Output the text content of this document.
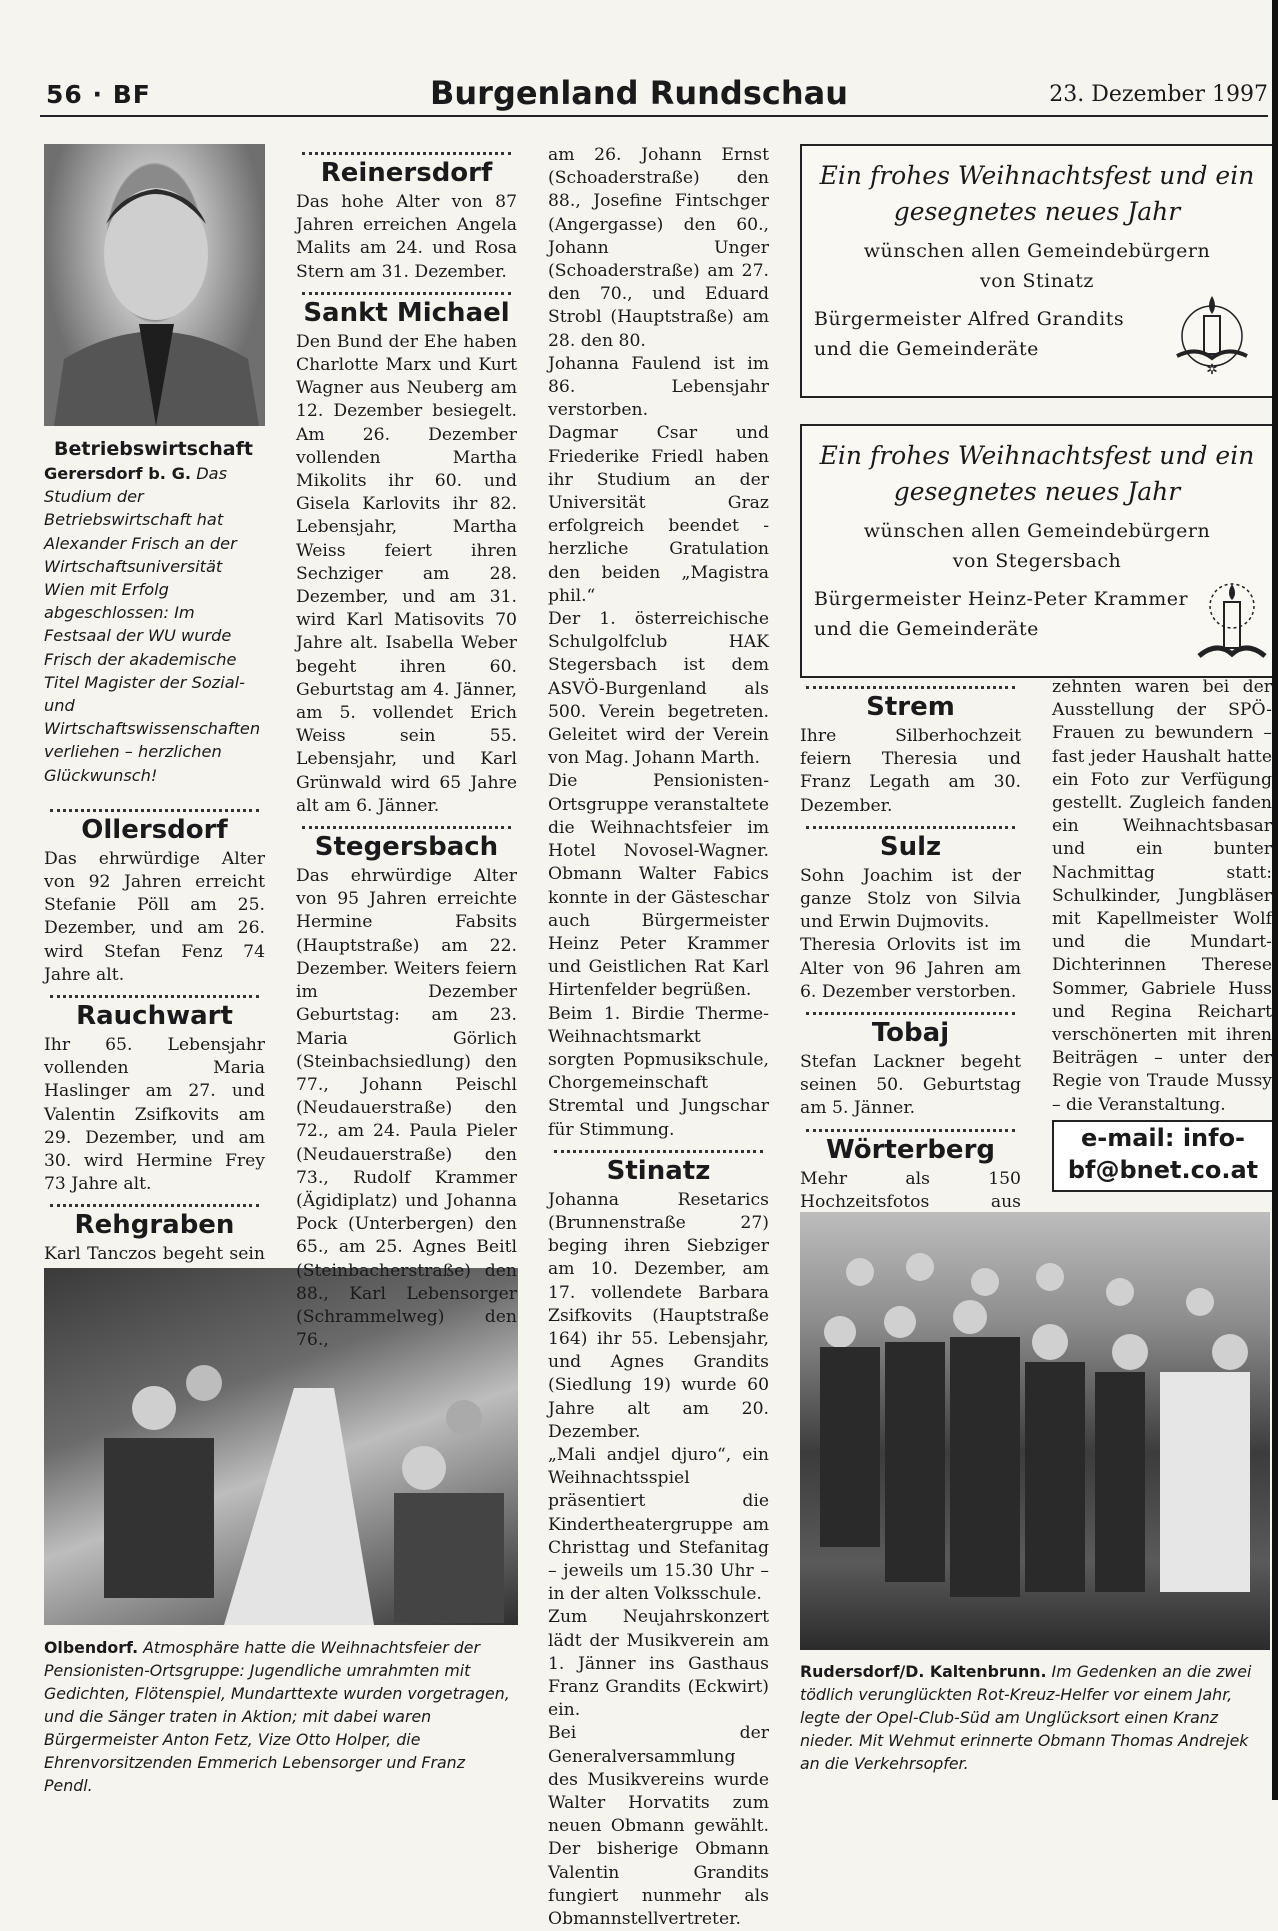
56 · BF	Burgenland Rundschau	23. Dezember 1997
Betriebswirtschaft

Gerersdorf b. G. Das Studium der Betriebswirtschaft hat Alexander Frisch an der Wirtschaftsuniversität Wien mit Erfolg abgeschlossen: Im Festsaal der WU wurde Frisch der akademische Titel Magister der Sozial- und Wirtschaftswissenschaften verliehen – herzlichen Glückwunsch!

Ollersdorf

Das ehrwürdige Alter von 92 Jahren erreicht Stefanie Pöll am 25. Dezember, und am 26. wird Stefan Fenz 74 Jahre alt.

Rauchwart

Ihr 65. Lebensjahr vollenden Maria Haslinger am 27. und Valentin Zsifkovits am 29. Dezember, und am 30. wird Hermine Frey 73 Jahre alt.

Rehgraben

Karl Tanczos begeht sein

Olbendorf. Atmosphäre hatte die Weihnachtsfeier der Pensionisten-Ortsgruppe: Jugendliche umrahmten mit Gedichten, Flötenspiel, Mundarttexte wurden vorgetragen, und die Sänger traten in Aktion; mit dabei waren Bürgermeister Anton Fetz, Vize Otto Holper, die Ehrenvorsitzenden Emmerich Lebensorger und Franz Pendl.
Reinersdorf

Das hohe Alter von 87 Jahren erreichen Angela Malits am 24. und Rosa Stern am 31. Dezember.

Sankt Michael

Den Bund der Ehe haben Charlotte Marx und Kurt Wagner aus Neuberg am 12. Dezember besiegelt. Am 26. Dezember vollenden Martha Mikolits ihr 60. und Gisela Karlovits ihr 82. Lebensjahr, Martha Weiss feiert ihren Sechziger am 28. Dezember, und am 31. wird Karl Matisovits 70 Jahre alt. Isabella Weber begeht ihren 60. Geburtstag am 4. Jänner, am 5. vollendet Erich Weiss sein 55. Lebensjahr, und Karl Grünwald wird 65 Jahre alt am 6. Jänner.

Stegersbach

Das ehrwürdige Alter von 95 Jahren erreichte Hermine Fabsits (Hauptstraße) am 22. Dezember. Weiters feiern im Dezember Geburtstag: am 23. Maria Görlich (Steinbachsiedlung) den 77., Johann Peischl (Neudauerstraße) den 72., am 24. Paula Pieler (Neudauerstraße) den 73., Rudolf Krammer (Ägidiplatz) und Johanna Pock (Unterbergen) den 65., am 25. Agnes Beitl (Steinbacherstraße) den 88., Karl Lebensorger (Schrammelweg) den 76.,

am 26. Johann Ernst (Schoaderstraße) den 88., Josefine Fintschger (Angergasse) den 60., Johann Unger (Schoaderstraße) am 27. den 70., und Eduard Strobl (Hauptstraße) am 28. den 80.

Johanna Faulend ist im 86. Lebensjahr verstorben.

Dagmar Csar und Friederike Friedl haben ihr Studium an der Universität Graz erfolgreich beendet - herzliche Gratulation den beiden „Magistra phil.“

Der 1. österreichische Schulgolfclub HAK Stegersbach ist dem ASVÖ-Burgenland als 500. Verein begetreten. Geleitet wird der Verein von Mag. Johann Marth.

Die Pensionisten-Ortsgruppe veranstaltete die Weihnachtsfeier im Hotel Novosel-Wagner. Obmann Walter Fabics konnte in der Gästeschar auch Bürgermeister Heinz Peter Krammer und Geistlichen Rat Karl Hirtenfelder begrüßen.

Beim 1. Birdie Therme-Weihnachtsmarkt sorgten Popmusikschule, Chorgemeinschaft Stremtal und Jungschar für Stimmung.

Stinatz

Johanna Resetarics (Brunnenstraße 27) beging ihren Siebziger am 10. Dezember, am 17. vollendete Barbara Zsifkovits (Hauptstraße 164) ihr 55. Lebensjahr, und Agnes Grandits (Siedlung 19) wurde 60 Jahre alt am 20. Dezember.

„Mali andjel djuro“, ein Weihnachtsspiel präsentiert die Kindertheatergruppe am Christtag und Stefanitag – jeweils um 15.30 Uhr – in der alten Volksschule.

Zum Neujahrskonzert lädt der Musikverein am 1. Jänner ins Gasthaus Franz Grandits (Eckwirt) ein.

Bei der Generalversammlung des Musikvereins wurde Walter Horvatits zum neuen Obmann gewählt. Der bisherige Obmann Valentin Grandits fungiert nunmehr als Obmannstellvertreter.

Ein frohes Weihnachtsfest und ein
gesegnetes neues Jahr
wünschen allen Gemeindebürgern
von Stinatz
Bürgermeister Alfred Grandits
und die Gemeinderäte
✲
Ein frohes Weihnachtsfest und ein
gesegnetes neues Jahr
wünschen allen Gemeindebürgern
von Stegersbach
Bürgermeister Heinz-Peter Krammer
und die Gemeinderäte
Strem

Ihre Silberhochzeit feiern Theresia und Franz Legath am 30. Dezember.

Sulz

Sohn Joachim ist der ganze Stolz von Silvia und Erwin Dujmovits.

Theresia Orlovits ist im Alter von 96 Jahren am 6. Dezember verstorben.

Tobaj

Stefan Lackner begeht seinen 50. Geburtstag am 5. Jänner.

Wörterberg

Mehr als 150 Hochzeitsfotos aus

zehnten waren bei der Ausstellung der SPÖ-Frauen zu bewundern – fast jeder Haushalt hatte ein Foto zur Verfügung gestellt. Zugleich fanden ein Weihnachtsbasar und ein bunter Nachmittag statt: Schulkinder, Jungbläser mit Kapellmeister Wolf und die Mundart-Dichterinnen Therese Sommer, Gabriele Huss und Regina Reichart verschönerten mit ihren Beiträgen – unter der Regie von Traude Mussy – die Veranstaltung.

e-mail: info-
bf@bnet.co.at
Rudersdorf/D. Kaltenbrunn. Im Gedenken an die zwei tödlich verunglückten Rot-Kreuz-Helfer vor einem Jahr, legte der Opel-Club-Süd am Unglücksort einen Kranz nieder. Mit Wehmut erinnerte Obmann Thomas Andrejek an die Verkehrsopfer.
